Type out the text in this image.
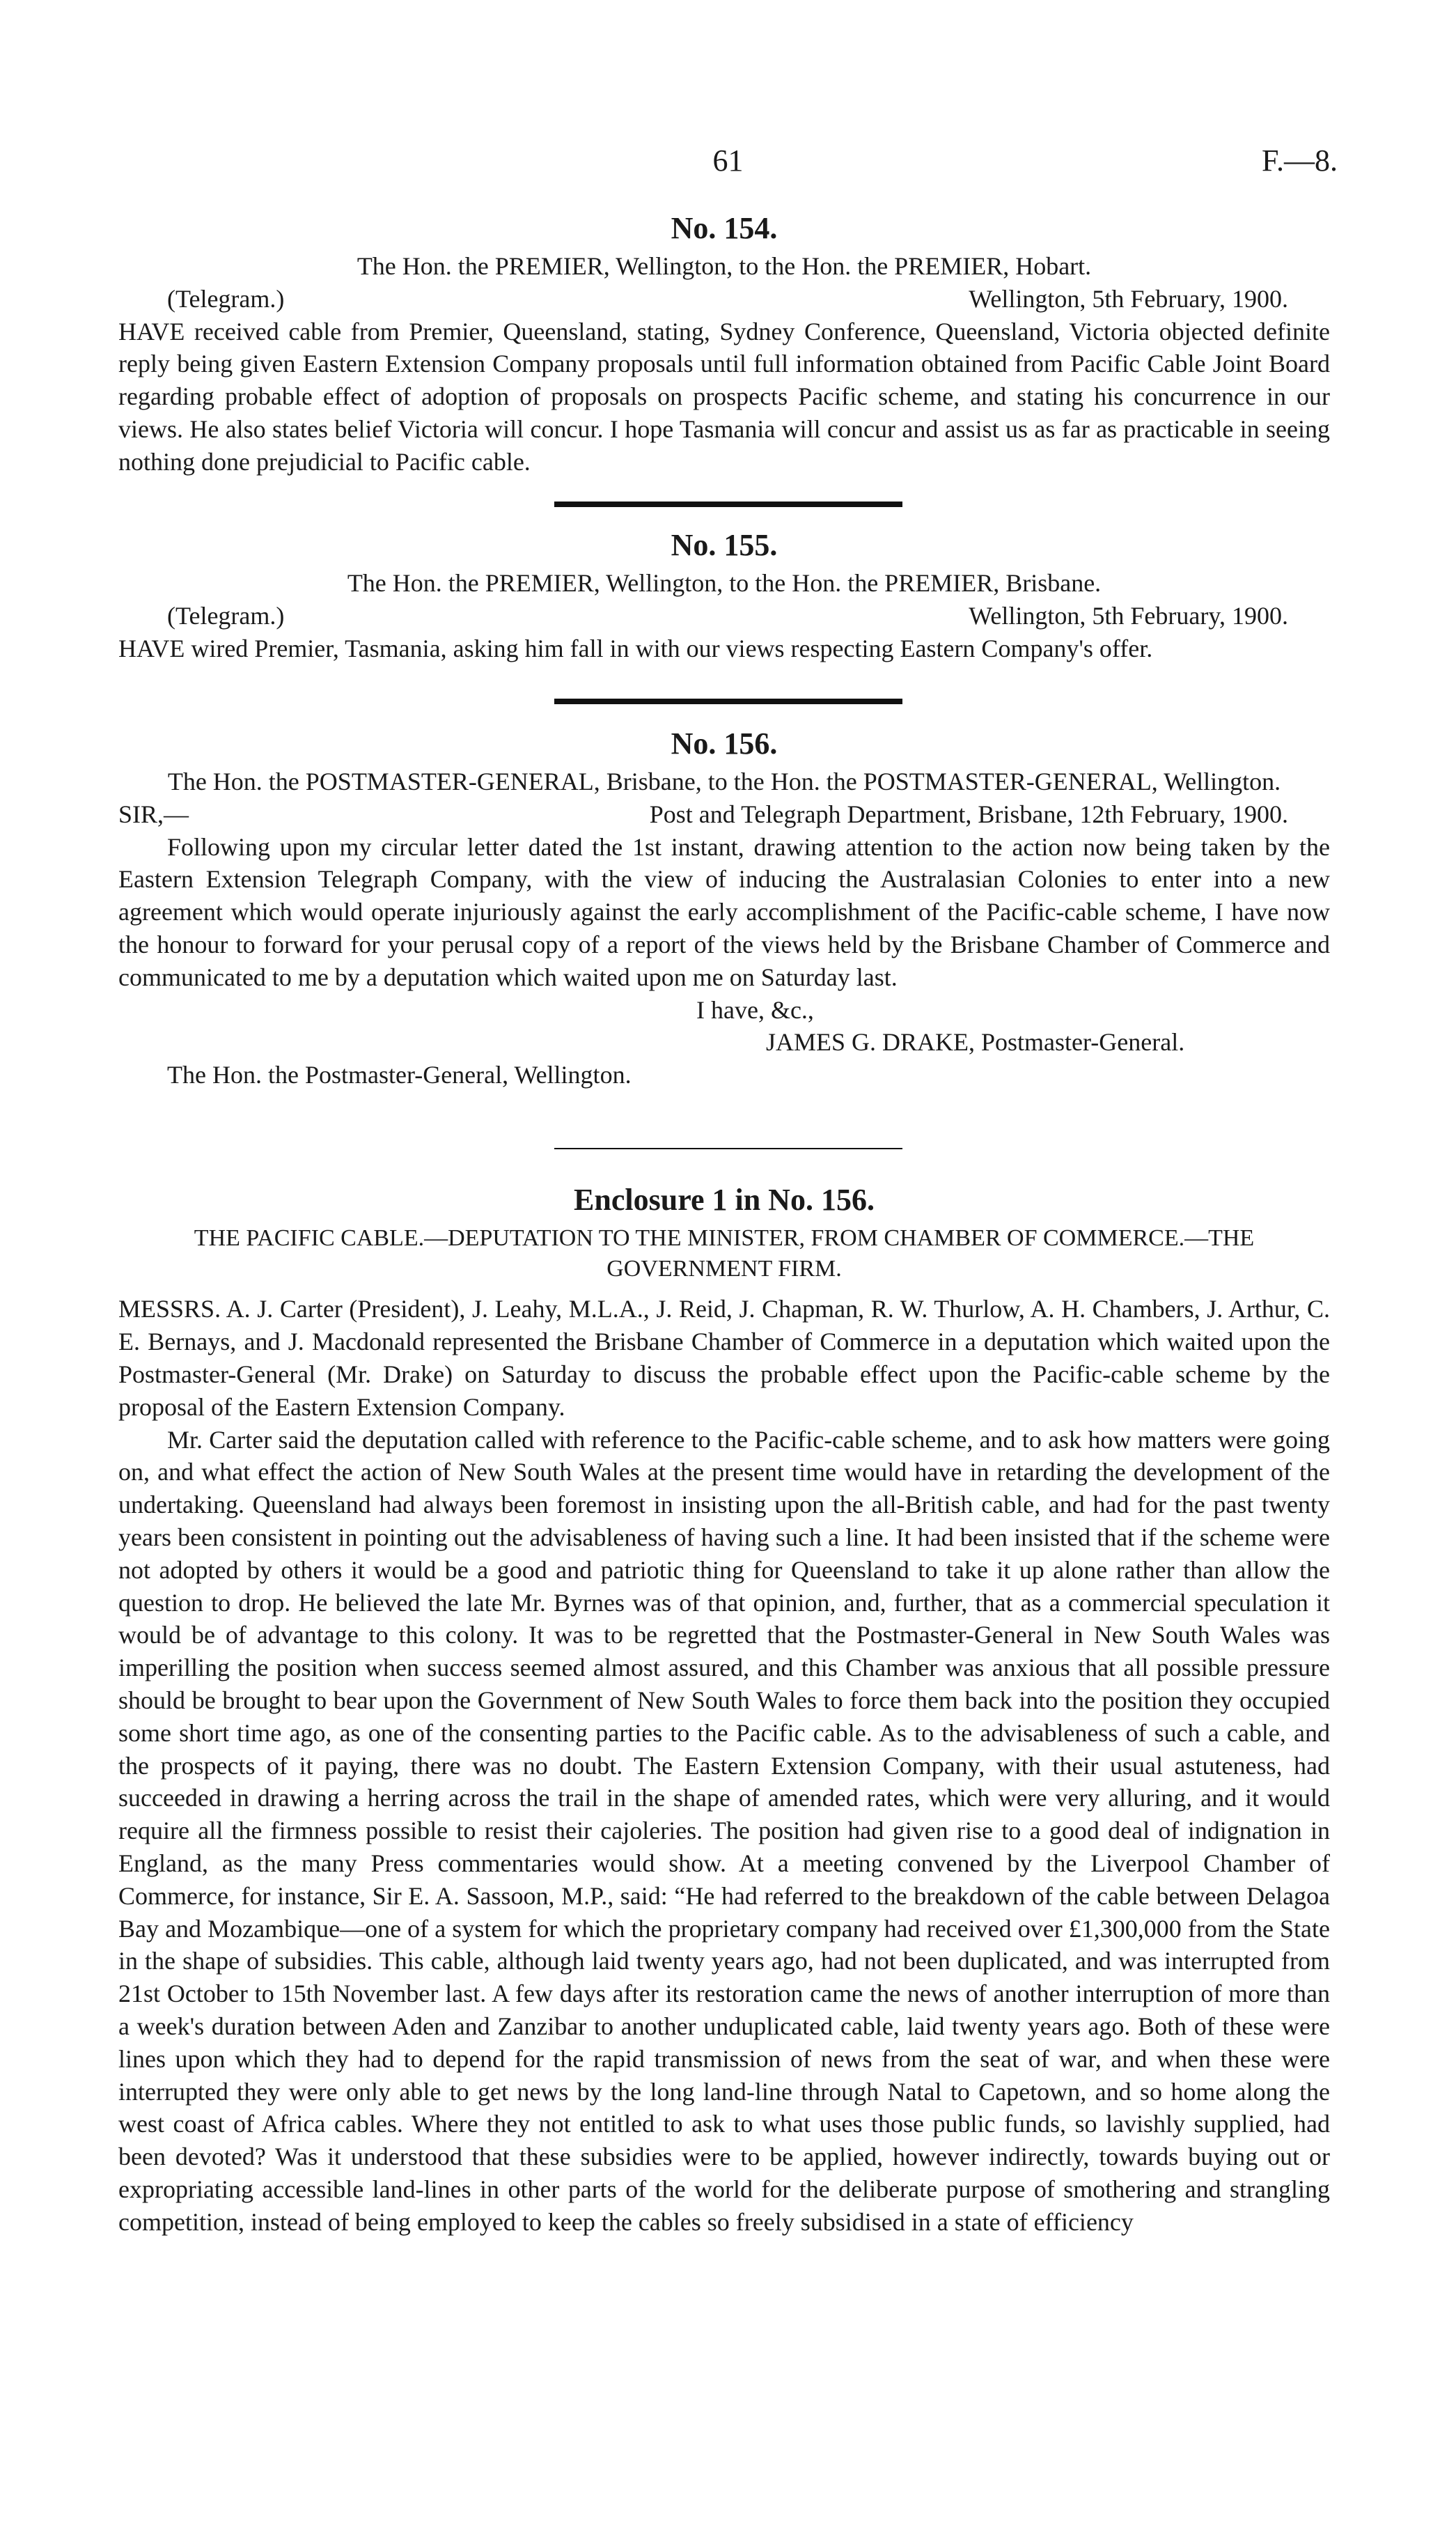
61	F.—8.
No. 154.

The Hon. the PREMIER, Wellington, to the Hon. the PREMIER, Hobart.

(Telegram.)	Wellington, 5th February, 1900.

HAVE received cable from Premier, Queensland, stating, Sydney Conference, Queensland, Victoria objected definite reply being given Eastern Extension Company proposals until full information obtained from Pacific Cable Joint Board regarding probable effect of adoption of proposals on prospects Pacific scheme, and stating his concurrence in our views. He also states belief Victoria will concur. I hope Tasmania will concur and assist us as far as practicable in seeing nothing done prejudicial to Pacific cable.

No. 155.

The Hon. the PREMIER, Wellington, to the Hon. the PREMIER, Brisbane.

(Telegram.)	Wellington, 5th February, 1900.

HAVE wired Premier, Tasmania, asking him fall in with our views respecting Eastern Company's offer.

No. 156.

The Hon. the POSTMASTER-GENERAL, Brisbane, to the Hon. the POSTMASTER-GENERAL, Wellington.

SIR,—	Post and Telegraph Department, Brisbane, 12th February, 1900.

Following upon my circular letter dated the 1st instant, drawing attention to the action now being taken by the Eastern Extension Telegraph Company, with the view of inducing the Australasian Colonies to enter into a new agreement which would operate injuriously against the early accomplishment of the Pacific-cable scheme, I have now the honour to forward for your perusal copy of a report of the views held by the Brisbane Chamber of Commerce and communicated to me by a deputation which waited upon me on Saturday last.

I have, &c.,
JAMES G. DRAKE, Postmaster-General.
The Hon. the Postmaster-General, Wellington.
Enclosure 1 in No. 156.

THE PACIFIC CABLE.—DEPUTATION TO THE MINISTER, FROM CHAMBER OF COMMERCE.—THE GOVERNMENT FIRM.

MESSRS. A. J. Carter (President), J. Leahy, M.L.A., J. Reid, J. Chapman, R. W. Thurlow, A. H. Chambers, J. Arthur, C. E. Bernays, and J. Macdonald represented the Brisbane Chamber of Commerce in a deputation which waited upon the Postmaster-General (Mr. Drake) on Saturday to discuss the probable effect upon the Pacific-cable scheme by the proposal of the Eastern Extension Company.

Mr. Carter said the deputation called with reference to the Pacific-cable scheme, and to ask how matters were going on, and what effect the action of New South Wales at the present time would have in retarding the development of the undertaking. Queensland had always been foremost in insisting upon the all-British cable, and had for the past twenty years been consistent in pointing out the advisableness of having such a line. It had been insisted that if the scheme were not adopted by others it would be a good and patriotic thing for Queensland to take it up alone rather than allow the question to drop. He believed the late Mr. Byrnes was of that opinion, and, further, that as a commercial speculation it would be of advantage to this colony. It was to be regretted that the Postmaster-General in New South Wales was imperilling the position when success seemed almost assured, and this Chamber was anxious that all possible pressure should be brought to bear upon the Government of New South Wales to force them back into the position they occupied some short time ago, as one of the consenting parties to the Pacific cable. As to the advisableness of such a cable, and the prospects of it paying, there was no doubt. The Eastern Extension Company, with their usual astuteness, had succeeded in drawing a herring across the trail in the shape of amended rates, which were very alluring, and it would require all the firmness possible to resist their cajoleries. The position had given rise to a good deal of indignation in England, as the many Press commentaries would show. At a meeting convened by the Liverpool Chamber of Commerce, for instance, Sir E. A. Sassoon, M.P., said: “He had referred to the breakdown of the cable between Delagoa Bay and Mozambique—one of a system for which the proprietary company had received over £1,300,000 from the State in the shape of subsidies. This cable, although laid twenty years ago, had not been duplicated, and was interrupted from 21st October to 15th November last. A few days after its restoration came the news of another interruption of more than a week's duration between Aden and Zanzibar to another unduplicated cable, laid twenty years ago. Both of these were lines upon which they had to depend for the rapid transmission of news from the seat of war, and when these were interrupted they were only able to get news by the long land-line through Natal to Capetown, and so home along the west coast of Africa cables. Where they not entitled to ask to what uses those public funds, so lavishly supplied, had been devoted? Was it understood that these subsidies were to be applied, however indirectly, towards buying out or expropriating accessible land-lines in other parts of the world for the deliberate purpose of smothering and strangling competition, instead of being employed to keep the cables so freely subsidised in a state of efficiency
